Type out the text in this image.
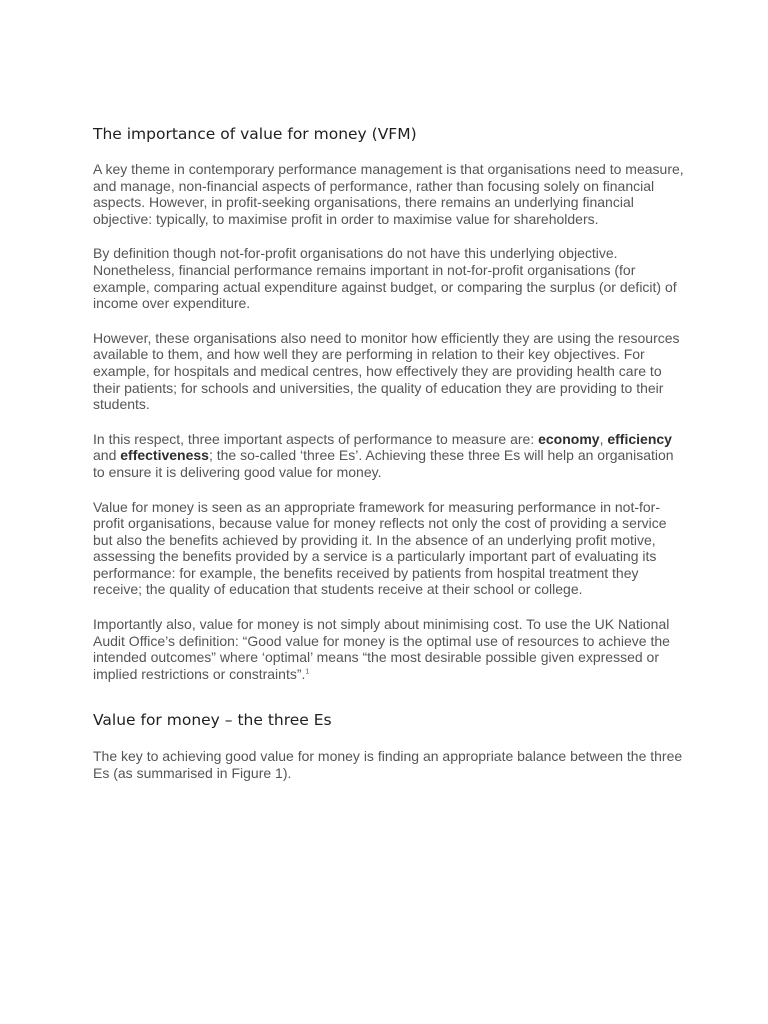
The importance of value for money (VFM)

A key theme in contemporary performance management is that organisations need to measure, and manage, non-financial aspects of performance, rather than focusing solely on financial aspects. However, in profit-seeking organisations, there remains an underlying financial objective: typically, to maximise profit in order to maximise value for shareholders.

By definition though not-for-profit organisations do not have this underlying objective. Nonetheless, financial performance remains important in not-for-profit organisations (for example, comparing actual expenditure against budget, or comparing the surplus (or deficit) of income over expenditure.

However, these organisations also need to monitor how efficiently they are using the resources available to them, and how well they are performing in relation to their key objectives. For example, for hospitals and medical centres, how effectively they are providing health care to their patients; for schools and universities, the quality of education they are providing to their students.

In this respect, three important aspects of performance to measure are: economy, efficiency and effectiveness; the so-called ‘three Es’. Achieving these three Es will help an organisation to ensure it is delivering good value for money.

Value for money is seen as an appropriate framework for measuring performance in not-for-profit organisations, because value for money reflects not only the cost of providing a service but also the benefits achieved by providing it. In the absence of an underlying profit motive, assessing the benefits provided by a service is a particularly important part of evaluating its performance: for example, the benefits received by patients from hospital treatment they receive; the quality of education that students receive at their school or college.

Importantly also, value for money is not simply about minimising cost. To use the UK National Audit Office’s definition: “Good value for money is the optimal use of resources to achieve the intended outcomes” where ‘optimal’ means “the most desirable possible given expressed or implied restrictions or constraints”.$^1$

Value for money – the three Es

The key to achieving good value for money is finding an appropriate balance between the three Es (as summarised in Figure 1).
